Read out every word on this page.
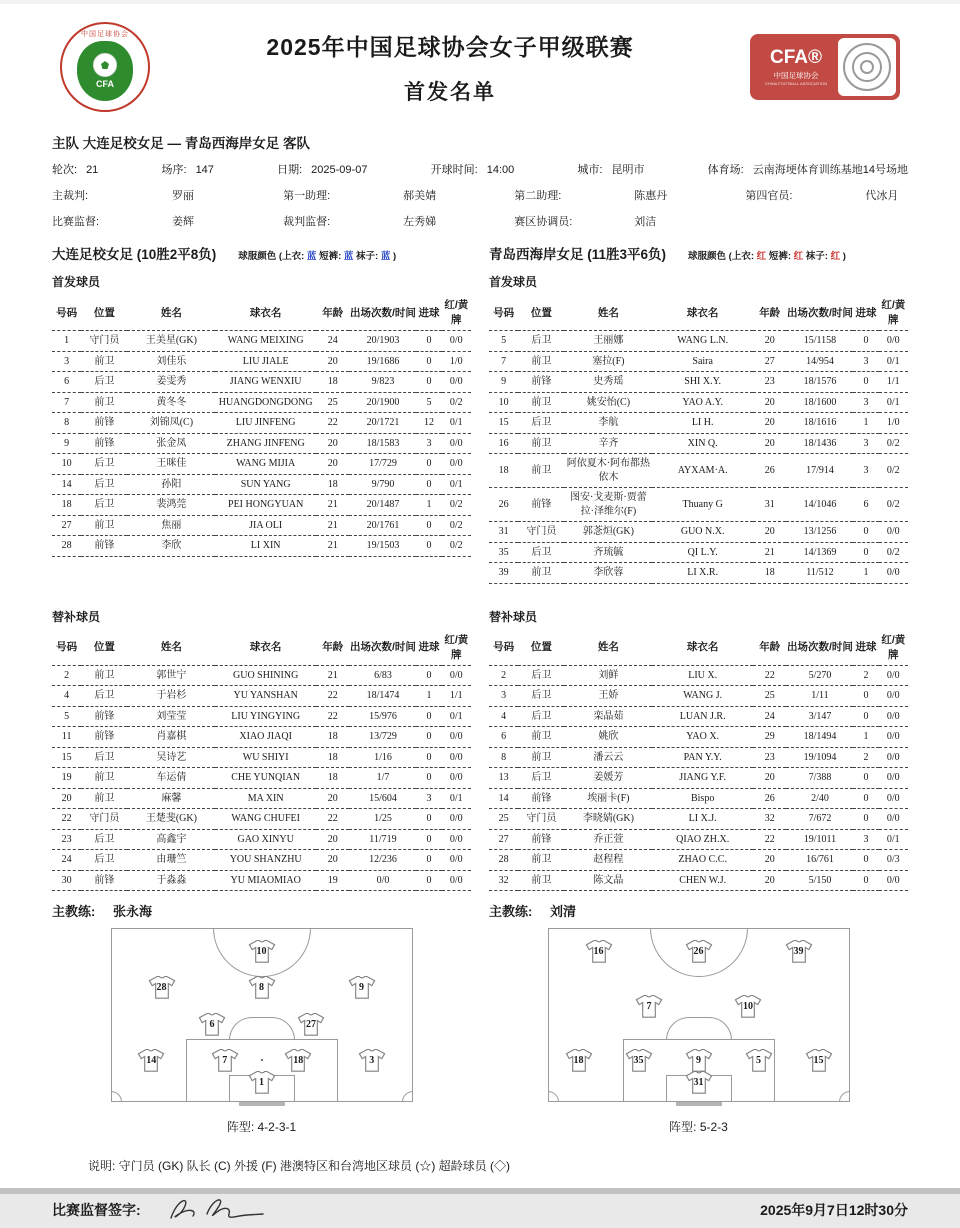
中国足球协会
CFA
2025年中国足球协会女子甲级联赛
首发名单
CFA®
中国足球协会
CHINA FOOTBALL ASSOCIATION
主队 大连足校女足 — 青岛西海岸女足 客队
轮次: 21	场序: 147	日期: 2025-09-07	开球时间: 14:00	城市: 昆明市	体育场: 云南海埂体育训练基地14号场地
主裁判:	罗丽	第一助理:	郝美婧	第二助理:	陈惠丹	第四官员:	代冰月
比赛监督:	姜辉	裁判监督:	左秀娣	赛区协调员:	刘洁
大连足校女足 (10胜2平8负) 球服颜色 (上衣: 蓝 短裤: 蓝 袜子: 蓝 )
首发球员
号码	位置	姓名	球衣名	年龄	出场次数/时间	进球	红/黄牌
1	守门员	王美星(GK)	WANG MEIXING	24	20/1903	0	0/0
3	前卫	刘佳乐	LIU JIALE	20	19/1686	0	1/0
6	后卫	姜雯秀	JIANG WENXIU	18	9/823	0	0/0
7	前卫	黄冬冬	HUANGDONGDONG	25	20/1900	5	0/2
8	前锋	刘锦凤(C)	LIU JINFENG	22	20/1721	12	0/1
9	前锋	张金凤	ZHANG JINFENG	20	18/1583	3	0/0
10	后卫	王咪佳	WANG MIJIA	20	17/729	0	0/0
14	后卫	孙阳	SUN YANG	18	9/790	0	0/1
18	后卫	裴鸿莞	PEI HONGYUAN	21	20/1487	1	0/2
27	前卫	焦丽	JIA OLI	21	20/1761	0	0/2
28	前锋	李欣	LI XIN	21	19/1503	0	0/2
青岛西海岸女足 (11胜3平6负) 球服颜色 (上衣: 红 短裤: 红 袜子: 红 )
首发球员
号码	位置	姓名	球衣名	年龄	出场次数/时间	进球	红/黄牌
5	后卫	王丽娜	WANG L.N.	20	15/1158	0	0/0
7	前卫	塞拉(F)	Saira	27	14/954	3	0/1
9	前锋	史秀瑶	SHI X.Y.	23	18/1576	0	1/1
10	前卫	姚安怡(C)	YAO A.Y.	20	18/1600	3	0/1
15	后卫	李航	LI H.	20	18/1616	1	1/0
16	前卫	辛齐	XIN Q.	20	18/1436	3	0/2
18	前卫	阿依夏木·阿布都热依木	AYXAM·A.	26	17/914	3	0/2
26	前锋	图安·戈麦斯·贾蕾拉·泽维尔(F)	Thuany G	31	14/1046	6	0/2
31	守门员	郭菍烜(GK)	GUO N.X.	20	13/1256	0	0/0
35	后卫	齐琉毓	QI L.Y.	21	14/1369	0	0/2
39	前卫	李欣蓉	LI X.R.	18	11/512	1	0/0
替补球员
号码	位置	姓名	球衣名	年龄	出场次数/时间	进球	红/黄牌
2	前卫	郭世宁	GUO SHINING	21	6/83	0	0/0
4	后卫	于岩杉	YU YANSHAN	22	18/1474	1	1/1
5	前锋	刘莹莹	LIU YINGYING	22	15/976	0	0/1
11	前锋	肖嘉棋	XIAO JIAQI	18	13/729	0	0/0
15	后卫	吴诗艺	WU SHIYI	18	1/16	0	0/0
19	前卫	车运倩	CHE YUNQIAN	18	1/7	0	0/0
20	前卫	麻馨	MA XIN	20	15/604	3	0/1
22	守门员	王楚斐(GK)	WANG CHUFEI	22	1/25	0	0/0
23	后卫	高鑫宇	GAO XINYU	20	11/719	0	0/0
24	后卫	由珊竺	YOU SHANZHU	20	12/236	0	0/0
30	前锋	于淼淼	YU MIAOMIAO	19	0/0	0	0/0
主教练: 张永海
10
28	8	9
6	27
14	7	18	3
1
阵型: 4-2-3-1
替补球员
号码	位置	姓名	球衣名	年龄	出场次数/时间	进球	红/黄牌
2	后卫	刘鲜	LIU X.	22	5/270	2	0/0
3	后卫	王娇	WANG J.	25	1/11	0	0/0
4	后卫	栾晶茹	LUAN J.R.	24	3/147	0	0/0
6	前卫	姚欣	YAO X.	29	18/1494	1	0/0
8	前卫	潘云云	PAN Y.Y.	23	19/1094	2	0/0
13	后卫	姜媛芳	JIANG Y.F.	20	7/388	0	0/0
14	前锋	埃丽卡(F)	Bispo	26	2/40	0	0/0
25	守门员	李晓婧(GK)	LI X.J.	32	7/672	0	0/0
27	前锋	乔正萱	QIAO ZH.X.	22	19/1011	3	0/1
28	前卫	赵程程	ZHAO C.C.	20	16/761	0	0/3
32	前卫	陈文晶	CHEN W.J.	20	5/150	0	0/0
主教练: 刘清
16	26	39
7	10
18	35	9	5	15
31
阵型: 5-2-3
说明: 守门员 (GK) 队长 (C) 外援 (F) 港澳特区和台湾地区球员 (☆) 超龄球员 (◇)
比赛监督签字:	2025年9月7日12时30分
